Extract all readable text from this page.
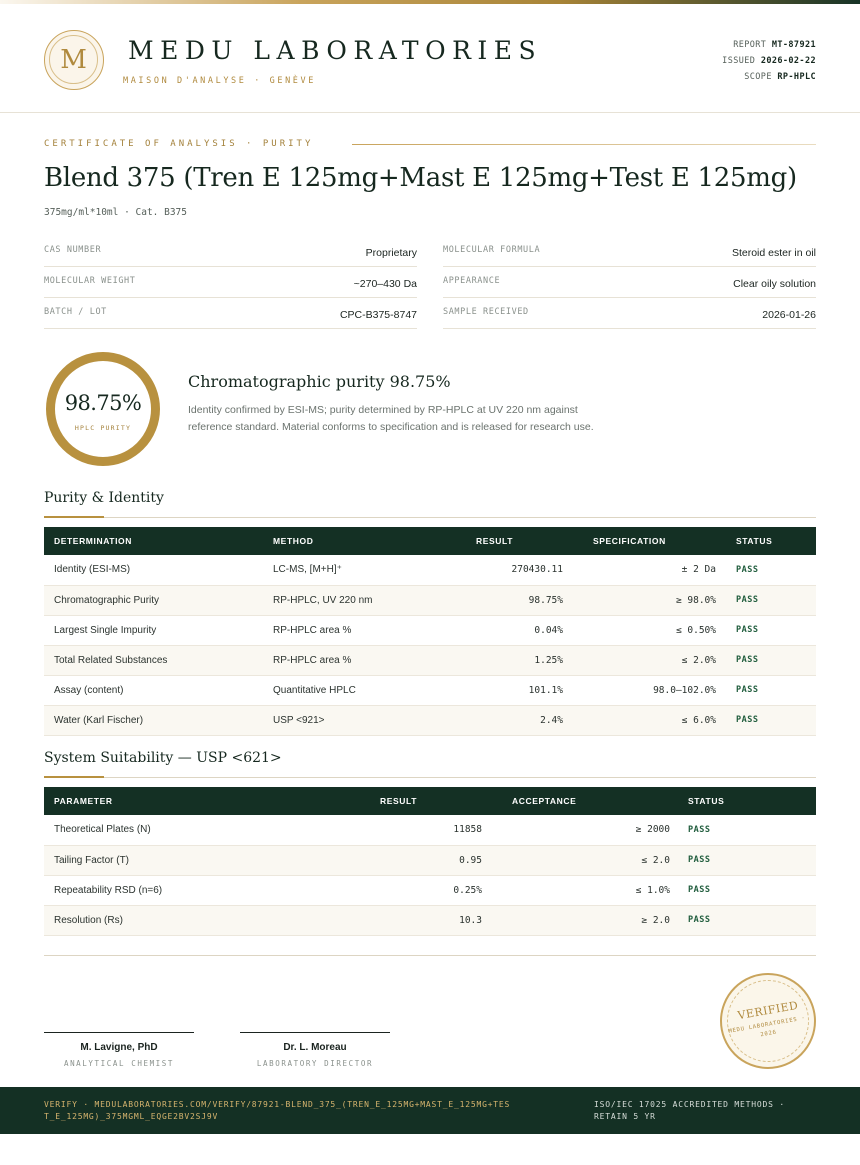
M	MEDU LABORATORIES
MAISON D'ANALYSE · GENÈVE
REPORT MT-87921
ISSUED 2026-02-22
SCOPE RP-HPLC
CERTIFICATE OF ANALYSIS · PURITY
Blend 375 (Tren E 125mg+Mast E 125mg+Test E 125mg)
375mg/ml*10ml · Cat. B375
CAS NUMBER	Proprietary	MOLECULAR FORMULA	Steroid ester in oil
MOLECULAR WEIGHT	~270–430 Da	APPEARANCE	Clear oily solution
BATCH / LOT	CPC-B375-8747	SAMPLE RECEIVED	2026-01-26
98.75%
HPLC PURITY
Chromatographic purity 98.75%
Identity confirmed by ESI-MS; purity determined by RP-HPLC at UV 220 nm against reference standard. Material conforms to specification and is released for research use.
Purity & Identity
DETERMINATION	METHOD	RESULT	SPECIFICATION	STATUS
Identity (ESI-MS)	LC-MS, [M+H]⁺	270430.11	± 2 Da	PASS
Chromatographic Purity	RP-HPLC, UV 220 nm	98.75%	≥ 98.0%	PASS
Largest Single Impurity	RP-HPLC area %	0.04%	≤ 0.50%	PASS
Total Related Substances	RP-HPLC area %	1.25%	≤ 2.0%	PASS
Assay (content)	Quantitative HPLC	101.1%	98.0–102.0%	PASS
Water (Karl Fischer)	USP <921>	2.4%	≤ 6.0%	PASS
System Suitability — USP <621>
PARAMETER	RESULT	ACCEPTANCE	STATUS
Theoretical Plates (N)	11858	≥ 2000	PASS
Tailing Factor (T)	0.95	≤ 2.0	PASS
Repeatability RSD (n=6)	0.25%	≤ 1.0%	PASS
Resolution (Rs)	10.3	≥ 2.0	PASS
M. Lavigne, PhD
ANALYTICAL CHEMIST
Dr. L. Moreau
LABORATORY DIRECTOR
VERIFIED
MEDU LABORATORIES · 2026
VERIFY · MEDULABORATORIES.COM/VERIFY/87921-BLEND_375_(TREN_E_125MG+MAST_E_125MG+TEST_E_125MG)_375MGML_EQGE2BV2SJ9V
ISO/IEC 17025 ACCREDITED METHODS · RETAIN 5 YR
